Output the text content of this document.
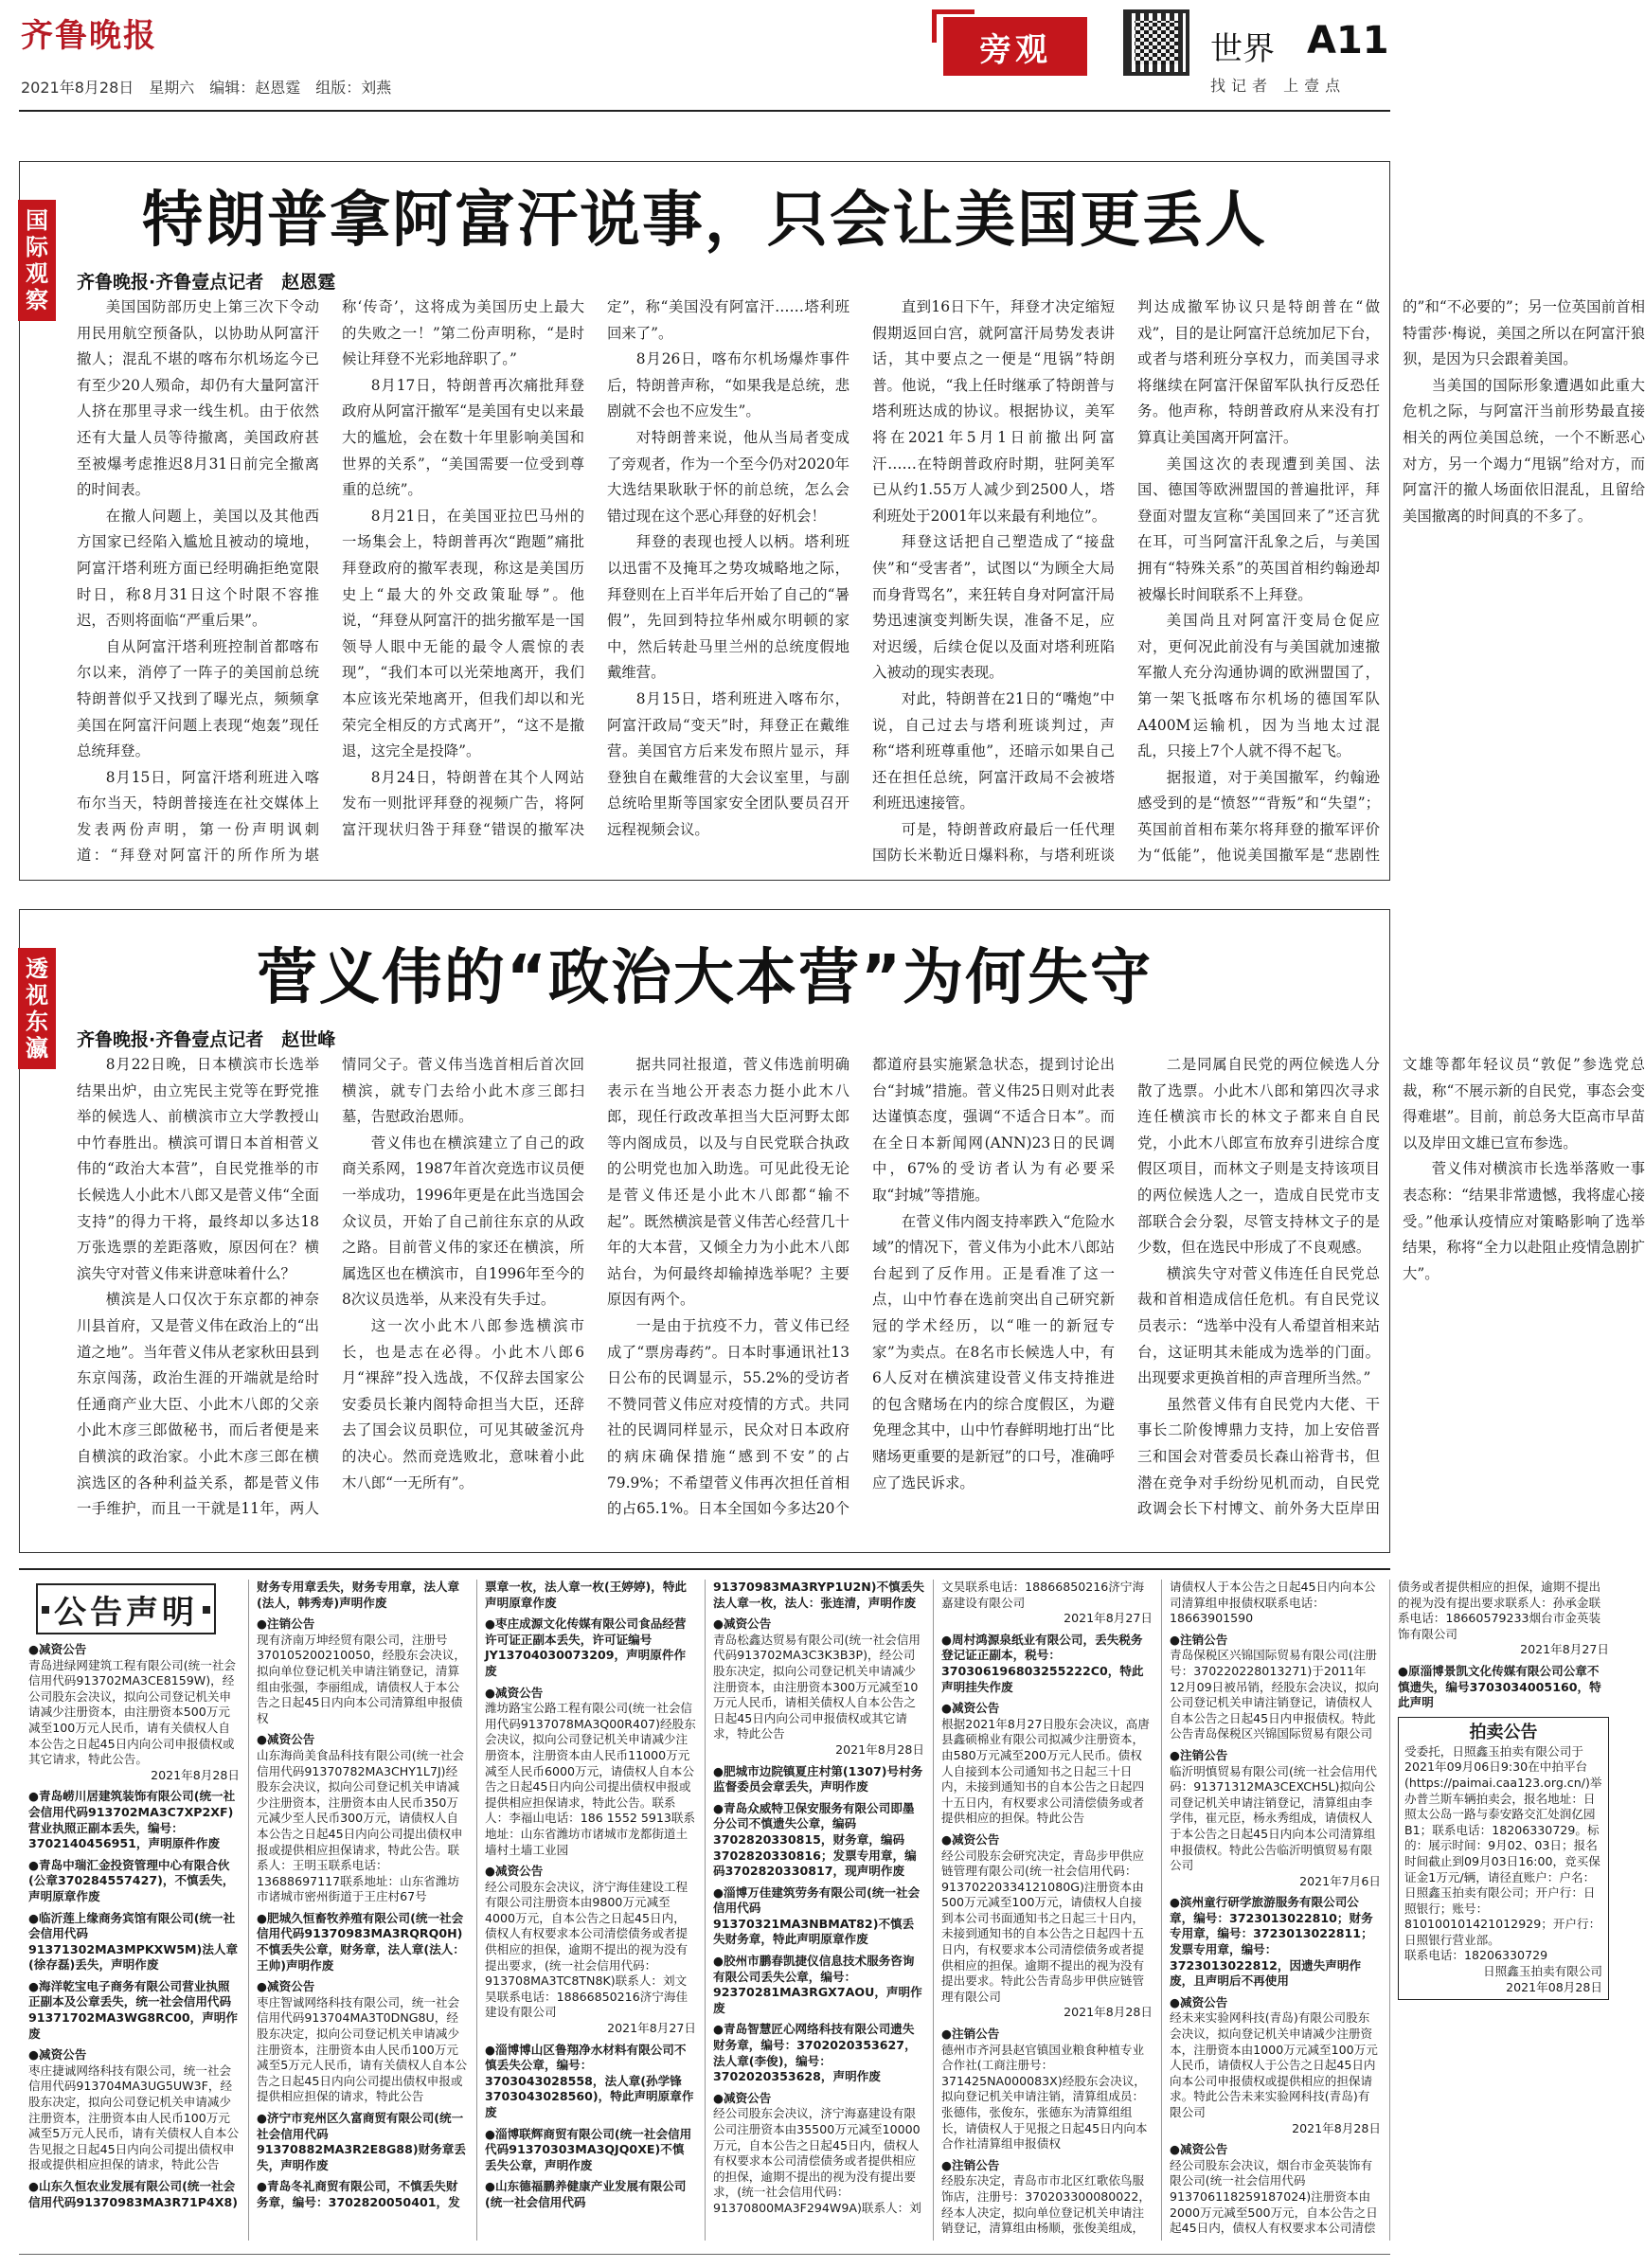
齐鲁晚报
2021年8月28日　星期六　编辑：赵恩霆　组版：刘燕
旁观	世界 A11
找记者 上壹点
国际观察
特朗普拿阿富汗说事，只会让美国更丢人
齐鲁晚报·齐鲁壹点记者　赵恩霆

美国国防部历史上第三次下令动用民用航空预备队，以协助从阿富汗撤人；混乱不堪的喀布尔机场迄今已有至少20人殒命，却仍有大量阿富汗人挤在那里寻求一线生机。由于依然还有大量人员等待撤离，美国政府甚至被爆考虑推迟8月31日前完全撤离的时间表。

在撤人问题上，美国以及其他西方国家已经陷入尴尬且被动的境地，阿富汗塔利班方面已经明确拒绝宽限时日，称8月31日这个时限不容推迟，否则将面临“严重后果”。

自从阿富汗塔利班控制首都喀布尔以来，消停了一阵子的美国前总统特朗普似乎又找到了曝光点，频频拿美国在阿富汗问题上表现“炮轰”现任总统拜登。

8月15日，阿富汗塔利班进入喀布尔当天，特朗普接连在社交媒体上发表两份声明，第一份声明讽刺道：“拜登对阿富汗的所作所为堪称‘传奇’，这将成为美国历史上最大的失败之一！”第二份声明称，“是时候让拜登不光彩地辞职了。”

8月17日，特朗普再次痛批拜登政府从阿富汗撤军“是美国有史以来最大的尴尬，会在数十年里影响美国和世界的关系”，“美国需要一位受到尊重的总统”。

8月21日，在美国亚拉巴马州的一场集会上，特朗普再次“跑题”痛批拜登政府的撤军表现，称这是美国历史上“最大的外交政策耻辱”。他说，“拜登从阿富汗的拙劣撤军是一国领导人眼中无能的最令人震惊的表现”，“我们本可以光荣地离开，我们本应该光荣地离开，但我们却以和光荣完全相反的方式离开”，“这不是撤退，这完全是投降”。

8月24日，特朗普在其个人网站发布一则批评拜登的视频广告，将阿富汗现状归咎于拜登“错误的撤军决定”，称“美国没有阿富汗……塔利班回来了”。

8月26日，喀布尔机场爆炸事件后，特朗普声称，“如果我是总统，悲剧就不会也不应发生”。

对特朗普来说，他从当局者变成了旁观者，作为一个至今仍对2020年大选结果耿耿于怀的前总统，怎么会错过现在这个恶心拜登的好机会！

拜登的表现也授人以柄。塔利班以迅雷不及掩耳之势攻城略地之际，拜登则在上百半年后开始了自己的“暑假”，先回到特拉华州威尔明顿的家中，然后转赴马里兰州的总统度假地戴维营。

8月15日，塔利班进入喀布尔，阿富汗政局“变天”时，拜登正在戴维营。美国官方后来发布照片显示，拜登独自在戴维营的大会议室里，与副总统哈里斯等国家安全团队要员召开远程视频会议。

直到16日下午，拜登才决定缩短假期返回白宫，就阿富汗局势发表讲话，其中要点之一便是“甩锅”特朗普。他说，“我上任时继承了特朗普与塔利班达成的协议。根据协议，美军将在2021年5月1日前撤出阿富汗……在特朗普政府时期，驻阿美军已从约1.55万人减少到2500人，塔利班处于2001年以来最有利地位”。

拜登这话把自己塑造成了“接盘侠”和“受害者”，试图以“为顾全大局而身背骂名”，来狂转自身对阿富汗局势迅速演变判断失误，准备不足，应对迟缓，后续仓促以及面对塔利班陷入被动的现实表现。

对此，特朗普在21日的“嘴炮”中说，自己过去与塔利班谈判过，声称“塔利班尊重他”，还暗示如果自己还在担任总统，阿富汗政局不会被塔利班迅速接管。

可是，特朗普政府最后一任代理国防长米勒近日爆料称，与塔利班谈判达成撤军协议只是特朗普在“做戏”，目的是让阿富汗总统加尼下台，或者与塔利班分享权力，而美国寻求将继续在阿富汗保留军队执行反恐任务。他声称，特朗普政府从来没有打算真让美国离开阿富汗。

美国这次的表现遭到美国、法国、德国等欧洲盟国的普遍批评，拜登面对盟友宣称“美国回来了”还言犹在耳，可当阿富汗乱象之后，与美国拥有“特殊关系”的英国首相约翰逊却被爆长时间联系不上拜登。

美国尚且对阿富汗变局仓促应对，更何况此前没有与美国就加速撤军撤人充分沟通协调的欧洲盟国了，第一架飞抵喀布尔机场的德国军队A400M运输机，因为当地太过混乱，只接上7个人就不得不起飞。

据报道，对于美国撤军，约翰逊感受到的是“愤怒”“背叛”和“失望”；英国前首相布莱尔将拜登的撤军评价为“低能”，他说美国撤军是“悲剧性的”和“不必要的”；另一位英国前首相特雷莎·梅说，美国之所以在阿富汗狼狈，是因为只会跟着美国。

当美国的国际形象遭遇如此重大危机之际，与阿富汗当前形势最直接相关的两位美国总统，一个不断恶心对方，另一个竭力“甩锅”给对方，而阿富汗的撤人场面依旧混乱，且留给美国撤离的时间真的不多了。

透视东瀛
菅义伟的“政治大本营”为何失守
齐鲁晚报·齐鲁壹点记者　赵世峰

8月22日晚，日本横滨市长选举结果出炉，由立宪民主党等在野党推举的候选人、前横滨市立大学教授山中竹春胜出。横滨可谓日本首相菅义伟的“政治大本营”，自民党推举的市长候选人小此木八郎又是菅义伟“全面支持”的得力干将，最终却以多达18万张选票的差距落败，原因何在？横滨失守对菅义伟来讲意味着什么？

横滨是人口仅次于东京都的神奈川县首府，又是菅义伟在政治上的“出道之地”。当年菅义伟从老家秋田县到东京闯荡，政治生涯的开端就是给时任通商产业大臣、小此木八郎的父亲小此木彦三郎做秘书，而后者便是来自横滨的政治家。小此木彦三郎在横滨选区的各种利益关系，都是菅义伟一手维护，而且一干就是11年，两人情同父子。菅义伟当选首相后首次回横滨，就专门去给小此木彦三郎扫墓，告慰政治恩师。

菅义伟也在横滨建立了自己的政商关系网，1987年首次竞选市议员便一举成功，1996年更是在此当选国会众议员，开始了自己前往东京的从政之路。目前菅义伟的家还在横滨，所属选区也在横滨市，自1996年至今的8次议员选举，从来没有失手过。

这一次小此木八郎参选横滨市长，也是志在必得。小此木八郎6月“裸辞”投入选战，不仅辞去国家公安委员长兼内阁特命担当大臣，还辞去了国会议员职位，可见其破釜沉舟的决心。然而竞选败北，意味着小此木八郎“一无所有”。

据共同社报道，菅义伟选前明确表示在当地公开表态力挺小此木八郎，现任行政改革担当大臣河野太郎等内阁成员，以及与自民党联合执政的公明党也加入助选。可见此役无论是菅义伟还是小此木八郎都“输不起”。既然横滨是菅义伟苦心经营几十年的大本营，又倾全力为小此木八郎站台，为何最终却输掉选举呢？主要原因有两个。

一是由于抗疫不力，菅义伟已经成了“票房毒药”。日本时事通讯社13日公布的民调显示，55.2%的受访者不赞同菅义伟应对疫情的方式。共同社的民调同样显示，民众对日本政府的病床确保措施“感到不安”的占79.9%；不希望菅义伟再次担任首相的占65.1%。日本全国如今多达20个都道府县实施紧急状态，提到讨论出台“封城”措施。菅义伟25日则对此表达谨慎态度，强调“不适合日本”。而在全日本新闻网(ANN)23日的民调中，67%的受访者认为有必要采取“封城”等措施。

在菅义伟内阁支持率跌入“危险水域”的情况下，菅义伟为小此木八郎站台起到了反作用。正是看准了这一点，山中竹春在选前突出自己研究新冠的学术经历，以“唯一的新冠专家”为卖点。在8名市长候选人中，有6人反对在横滨建设菅义伟支持推进的包含赌场在内的综合度假区，为避免理念其中，山中竹春鲜明地打出“比赌场更重要的是新冠”的口号，准确呼应了选民诉求。

二是同属自民党的两位候选人分散了选票。小此木八郎和第四次寻求连任横滨市长的林文子都来自自民党，小此木八郎宣布放弃引进综合度假区项目，而林文子则是支持该项目的两位候选人之一，造成自民党市支部联合会分裂，尽管支持林文子的是少数，但在选民中形成了不良观感。

横滨失守对菅义伟连任自民党总裁和首相造成信任危机。有自民党议员表示：“选举中没有人希望首相来站台，这证明其未能成为选举的门面。出现要求更换首相的声音理所当然。”

虽然菅义伟有自民党内大佬、干事长二阶俊博鼎力支持，加上安倍晋三和国会对菅委员长森山裕背书，但潜在竞争对手纷纷见机而动，自民党政调会长下村博文、前外务大臣岸田文雄等都年轻议员“敦促”参选党总裁，称“不展示新的自民党，事态会变得难堪”。目前，前总务大臣高市早苗以及岸田文雄已宣布参选。

菅义伟对横滨市长选举落败一事表态称：“结果非常遗憾，我将虚心接受。”他承认疫情应对策略影响了选举结果，称将“全力以赴阻止疫情急剧扩大”。

●减资公告
青岛进绿网建筑工程有限公司(统一社会信用代码913702MA3CE8159W)，经公司股东会决议，拟向公司登记机关申请减少注册资本，由注册资本500万元减至100万元人民币，请有关债权人自本公告之日起45日内向公司申报债权或其它请求，特此公告。
2021年8月28日
●青岛崂川居建筑装饰有限公司(统一社会信用代码913702MA3C7XP2XF)营业执照正副本丢失，编号：3702140456951，声明原件作废
●青岛中瑞汇金投资管理中心有限合伙(公章370284557427)，不慎丢失，声明原章作废
●临沂莲上缘商务宾馆有限公司(统一社会信用代码91371302MA3MPKXW5M)法人章(徐存磊)丢失，声明作废
●海洋乾宝电子商务有限公司营业执照正副本及公章丢失，统一社会信用代码91371702MA3WG8RC00，声明作废
●减资公告
枣庄捷诚网络科技有限公司，统一社会信用代码913704MA3UG5UW3F，经股东决定，拟向公司登记机关申请减少注册资本，注册资本由人民币100万元减至5万元人民币，请有关债权人自本公告见报之日起45日内向公司提出债权申报或提供相应担保的请求，特此公告
●山东久恒农业发展有限公司(统一社会信用代码91370983MA3R71P4X8)财务专用章丢失，财务专用章，法人章(法人，韩秀寿)声明作废
●注销公告
现有济南万坤经贸有限公司，注册号370105200210050，经股东会决议，拟向单位登记机关申请注销登记，清算组由张强，李丽组成，请债权人于本公告之日起45日内向本公司清算组申报债权
●减资公告
山东海尚美食品科技有限公司(统一社会信用代码91370782MA3CHY1L7J)经股东会决议，拟向公司登记机关申请减少注册资本，注册资本由人民币350万元减少至人民币300万元，请债权人自本公告之日起45日内向公司提出债权申报或提供相应担保请求，特此公告。联系人：王明玉联系电话：13688697117联系地址：山东省潍坊市诸城市密州街道于王庄村67号
●肥城久恒畜牧养殖有限公司(统一社会信用代码91370983MA3RQRQ0H)不慎丢失公章，财务章，法人章(法人：王帅)声明作废
●减资公告
枣庄智诚网络科技有限公司，统一社会信用代码913704MA3T0DNG8U，经股东决定，拟向公司登记机关申请减少注册资本，注册资本由人民币100万元减至5万元人民币，请有关债权人自本公告之日起45日内向公司提出债权申报或提供相应担保的请求，特此公告
●济宁市兖州区久富商贸有限公司(统一社会信用代码91370882MA3R2E8G88)财务章丢失，声明作废
●青岛冬礼商贸有限公司，不慎丢失财务章，编号：3702820050401，发票章一枚，法人章一枚(王婷婷)，特此声明原章作废
●枣庄成源文化传媒有限公司食品经营许可证正副本丢失，许可证编号JY13704030073209，声明原件作废
●减资公告
潍坊路宝公路工程有限公司(统一社会信用代码9137078MA3Q00R407)经股东会决议，拟向公司登记机关申请减少注册资本，注册资本由人民币11000万元减至人民币6000万元，请债权人自本公告之日起45日内向公司提出债权申报或提供相应担保请求，特此公告。联系人：李福山电话：186 1552 5913联系地址：山东省潍坊市诸城市龙都街道土墙村土墙工业园
●减资公告
经公司股东会决议，济宁海佳建设工程有限公司注册资本由9800万元减至4000万元，自本公告之日起45日内，债权人有权要求本公司清偿债务或者提供相应的担保，逾期不提出的视为没有提出要求，(统一社会信用代码：913708MA3TC8TN8K)联系人：刘文昊联系电话：18866850216济宁海佳建设有限公司
2021年8月27日
●淄博博山区鲁翔净水材料有限公司不慎丢失公章，编号：3703043028558，法人章(孙学锋3703043028560)，特此声明原章作废
●淄博联辉商贸有限公司(统一社会信用代码91370303MA3QJQ0XE)不慎丢失公章，声明作废
●山东德福鹏养健康产业发展有限公司(统一社会信用代码91370983MA3RYP1U2N)不慎丢失法人章一枚，法人：张连清，声明作废
●减资公告
青岛松鑫达贸易有限公司(统一社会信用代码913702MA3C3K3B3P)，经公司股东决定，拟向公司登记机关申请减少注册资本，由注册资本300万元减至10万元人民币，请相关债权人自本公告之日起45日内向公司申报债权或其它请求，特此公告
2021年8月28日
●肥城市边院镇夏庄村第(1307)号村务监督委员会章丢失，声明作废
●青岛众威特卫保安服务有限公司即墨分公司不慎遗失公章，编码3702820330815，财务章，编码3702820330816；发票专用章，编码3702820330817，现声明作废
●淄博万佳建筑劳务有限公司(统一社会信用代码91370321MA3NBMAT82)不慎丢失财务章，特此声明原章作废
●胶州市鹏春凯捷仪信息技术服务咨询有限公司丢失公章，编号：92370281MA3RGX7AOU，声明作废
●青岛智慧匠心网络科技有限公司遗失财务章，编号：3702020353627，法人章(李俊)，编号：3702020353628，声明作废
●减资公告
经公司股东会决议，济宁海嘉建设有限公司注册资本由35500万元减至10000万元，自本公告之日起45日内，债权人有权要求本公司清偿债务或者提供相应的担保，逾期不提出的视为没有提出要求，(统一社会信用代码：91370800MA3F294W9A)联系人：刘文昊联系电话：18866850216济宁海嘉建设有限公司
2021年8月27日
●周村鸿源泉纸业有限公司，丢失税务登记证正副本，税号：370306196803255222C0，特此声明挂失作废
●减资公告
根据2021年8月27日股东会决议，高唐县鑫硕棉业有限公司拟减少注册资本，由580万元减至200万元人民币。债权人自接到本公司通知书之日起三十日内，未接到通知书的自本公告之日起四十五日内，有权要求公司清偿债务或者提供相应的担保。特此公告
●减资公告
经公司股东会研究决定，青岛步甲供应链管理有限公司(统一社会信用代码：91370220334121080G)注册资本由500万元减至100万元，请债权人自接到本公司书面通知书之日起三十日内，未接到通知书的自本公告之日起四十五日内，有权要求本公司清偿债务或者提供相应的担保。逾期不提出的视为没有提出要求。特此公告青岛步甲供应链管理有限公司
2021年8月28日
●注销公告
德州市齐河县赵官镇国业粮食种植专业合作社(工商注册号：371425NA000083X)经股东会决议，拟向登记机关申请注销，清算组成员：张德伟，张俊东，张德东为清算组组长，请债权人于见报之日起45日内向本合作社清算组申报债权
●注销公告
经股东决定，青岛市市北区红歌依鸟服饰店，注册号：370203300080022，经本人决定，拟向单位登记机关申请注销登记，清算组由杨顺，张俊美组成，请债权人于本公告之日起45日内向本公司清算组申报债权联系电话：18663901590
●注销公告
青岛保税区兴锦国际贸易有限公司(注册号：370220228013271)于2011年12月09日被吊销，经股东会决议，拟向公司登记机关申请注销登记，请债权人自本公告之日起45日内申报债权。特此公告青岛保税区兴锦国际贸易有限公司
●注销公告
临沂明慎贸易有限公司(统一社会信用代码：91371312MA3CEXCH5L)拟向公司登记机关申请注销登记，清算组由李学伟，崔元臣，杨永秀组成，请债权人于本公告之日起45日内向本公司清算组申报债权。特此公告临沂明慎贸易有限公司
2021年7月6日
●滨州童行研学旅游服务有限公司公章，编号：3723013022810；财务专用章，编号：3723013022811；发票专用章，编号：3723013022812，因遗失声明作废，且声明后不再使用
●减资公告
经未来实验网科技(青岛)有限公司股东会决议，拟向登记机关申请减少注册资本，注册资本由1000万元减至100万元人民币，请债权人于公告之日起45日内向本公司申报债权或提供相应的担保请求。特此公告未来实验网科技(青岛)有限公司
2021年8月28日
●减资公告
经公司股东会决议，烟台市金英装饰有限公司(统一社会信用代码913706118259187024)注册资本由2000万元减至500万元，自本公告之日起45日内，债权人有权要求本公司清偿债务或者提供相应的担保，逾期不提出的视为没有提出要求联系人：孙承金联系电话：18660579233烟台市金英装饰有限公司
2021年8月27日
●原淄博景凯文化传媒有限公司公章不慎遗失，编号3703034005160，特此声明
拍卖公告
受委托，日照鑫玉拍卖有限公司于2021年09月06日9:30在中拍平台(https://paimai.caa123.org.cn/)举办普兰斯车辆拍卖会，报名地址：日照太公岛一路与泰安路交汇处润亿园B1；联系电话：18206330729。标的：展示时间：9月02、03日；报名时间截止到09月03日16:00，竞买保证金1万元/辆，请径直账户：户名：日照鑫玉拍卖有限公司；开户行：日照银行；账号：810100101421012929；开户行：日照银行营业部。
联系电话：18206330729
日照鑫玉拍卖有限公司
2021年08月28日
公告声明
